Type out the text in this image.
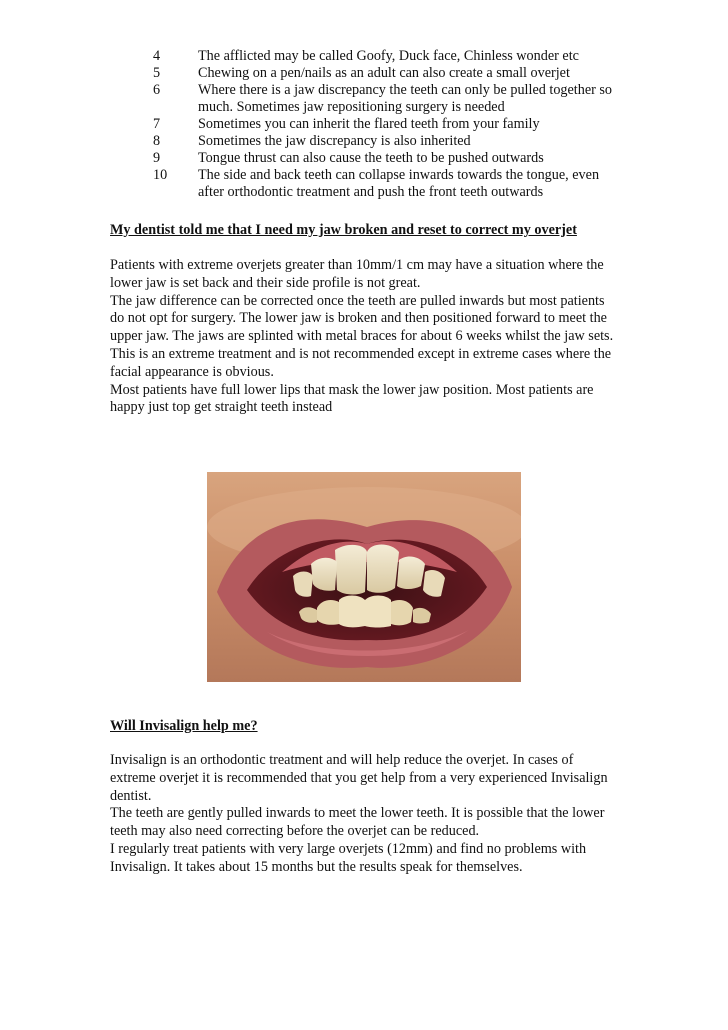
4	The afflicted may be called Goofy, Duck face, Chinless wonder etc
5	Chewing on a pen/nails as an adult can also create a small overjet
6	Where there is a jaw discrepancy the teeth can only be pulled together so much. Sometimes jaw repositioning surgery is needed
7	Sometimes you can inherit the flared teeth from your family
8	Sometimes the jaw discrepancy is also inherited
9	Tongue thrust can also cause the teeth to be pushed outwards
10	The side and back teeth can collapse inwards towards the tongue, even after orthodontic treatment and push the front teeth outwards
My dentist told me that I need my jaw broken and reset to correct my overjet

Patients with extreme overjets greater than 10mm/1 cm may have a situation where the lower jaw is set back and their side profile is not great.

The jaw difference can be corrected once the teeth are pulled inwards but most patients do not opt for surgery. The lower jaw is broken and then positioned forward to meet the upper jaw. The jaws are splinted with metal braces for about 6 weeks whilst the jaw sets.

This is an extreme treatment and is not recommended except in extreme cases where the facial appearance is obvious.

Most patients have full lower lips that mask the lower jaw position. Most patients are happy just top get straight teeth instead

Will Invisalign help me?

Invisalign is an orthodontic treatment and will help reduce the overjet. In cases of extreme overjet it is recommended that you get help from a very experienced Invisalign dentist.

The teeth are gently pulled inwards to meet the lower teeth. It is possible that the lower teeth may also need correcting before the overjet can be reduced.

I regularly treat patients with very large overjets (12mm) and find no problems with Invisalign. It takes about 15 months but the results speak for themselves.
